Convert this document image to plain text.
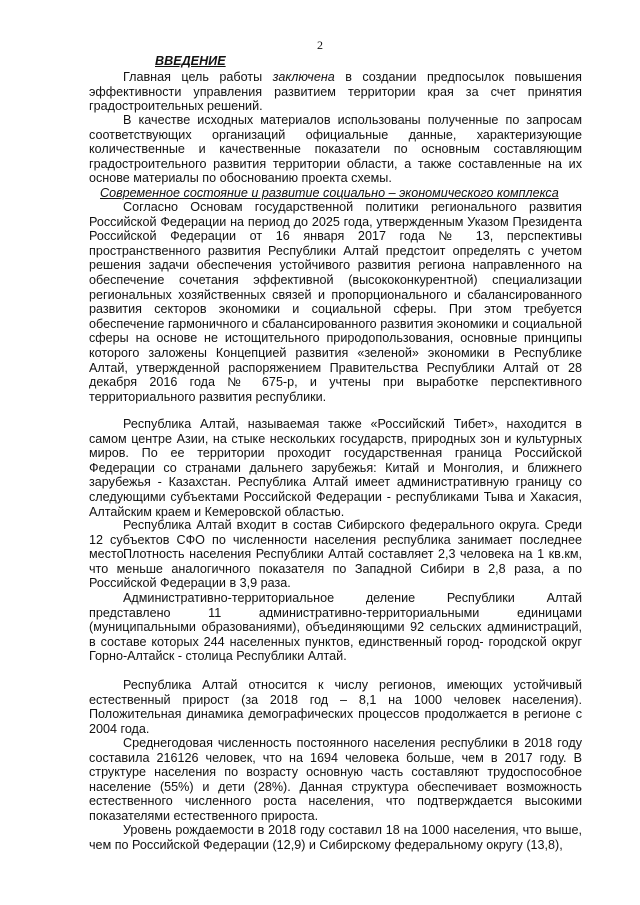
2
ВВЕДЕНИЕ

Главная цель работы заключена в создании предпосылок повышения эффективности управления развитием территории края за счет принятия градостроительных решений.

В качестве исходных материалов использованы полученные по запросам соответствующих организаций официальные данные, характеризующие количественные и качественные показатели по основным составляющим градостроительного развития территории области, а также составленные на их основе материалы по обоснованию проекта схемы.

Современное состояние и развитие социально – экономического комплекса

Согласно Основам государственной политики регионального развития Российской Федерации на период до 2025 года, утвержденным Указом Президента Российской Федерации от 16 января 2017 года № 13, перспективы пространственного развития Республики Алтай предстоит определять с учетом решения задачи обеспечения устойчивого развития региона направленного на обеспечение сочетания эффективной (высококонкурентной) специализации региональных хозяйственных связей и пропорционального и сбалансированного развития секторов экономики и социальной сферы. При этом требуется обеспечение гармоничного и сбалансированного развития экономики и социальной сферы на основе не истощительного природопользования, основные принципы которого заложены Концепцией развития «зеленой» экономики в Республике Алтай, утвержденной распоряжением Правительства Республики Алтай от 28 декабря 2016 года № 675-р, и учтены при выработке перспективного территориального развития республики.

Республика Алтай, называемая также «Российский Тибет», находится в самом центре Азии, на стыке нескольких государств, природных зон и культурных миров. По ее территории проходит государственная граница Российской Федерации со странами дальнего зарубежья: Китай и Монголия, и ближнего зарубежья - Казахстан. Республика Алтай имеет административную границу со следующими субъектами Российской Федерации - республиками Тыва и Хакасия, Алтайским краем и Кемеровской областью.

Республика Алтай входит в состав Сибирского федерального округа. Среди 12 субъектов СФО по численности населения республика занимает последнее место.

Плотность населения Республики Алтай составляет 2,3 человека на 1 кв.км, что меньше аналогичного показателя по Западной Сибири в 2,8 раза, а по Российской Федерации в 3,9 раза.

Административно-территориальное деление Республики Алтай представлено 11 административно-территориальными единицами (муниципальными образованиями), объединяющими 92 сельских администраций, в составе которых 244 населенных пунктов, единственный город- городской округ Горно-Алтайск - столица Республики Алтай.

Республика Алтай относится к числу регионов, имеющих устойчивый естественный прирост (за 2018 год – 8,1 на 1000 человек населения). Положительная динамика демографических процессов продолжается в регионе с 2004 года.

Среднегодовая численность постоянного населения республики в 2018 году составила 216126 человек, что на 1694 человека больше, чем в 2017 году. В структуре населения по возрасту основную часть составляют трудоспособное население (55%) и дети (28%). Данная структура обеспечивает возможность естественного численного роста населения, что подтверждается высокими показателями естественного прироста.

Уровень рождаемости в 2018 году составил 18 на 1000 населения, что выше, чем по Российской Федерации (12,9) и Сибирскому федеральному округу (13,8),
